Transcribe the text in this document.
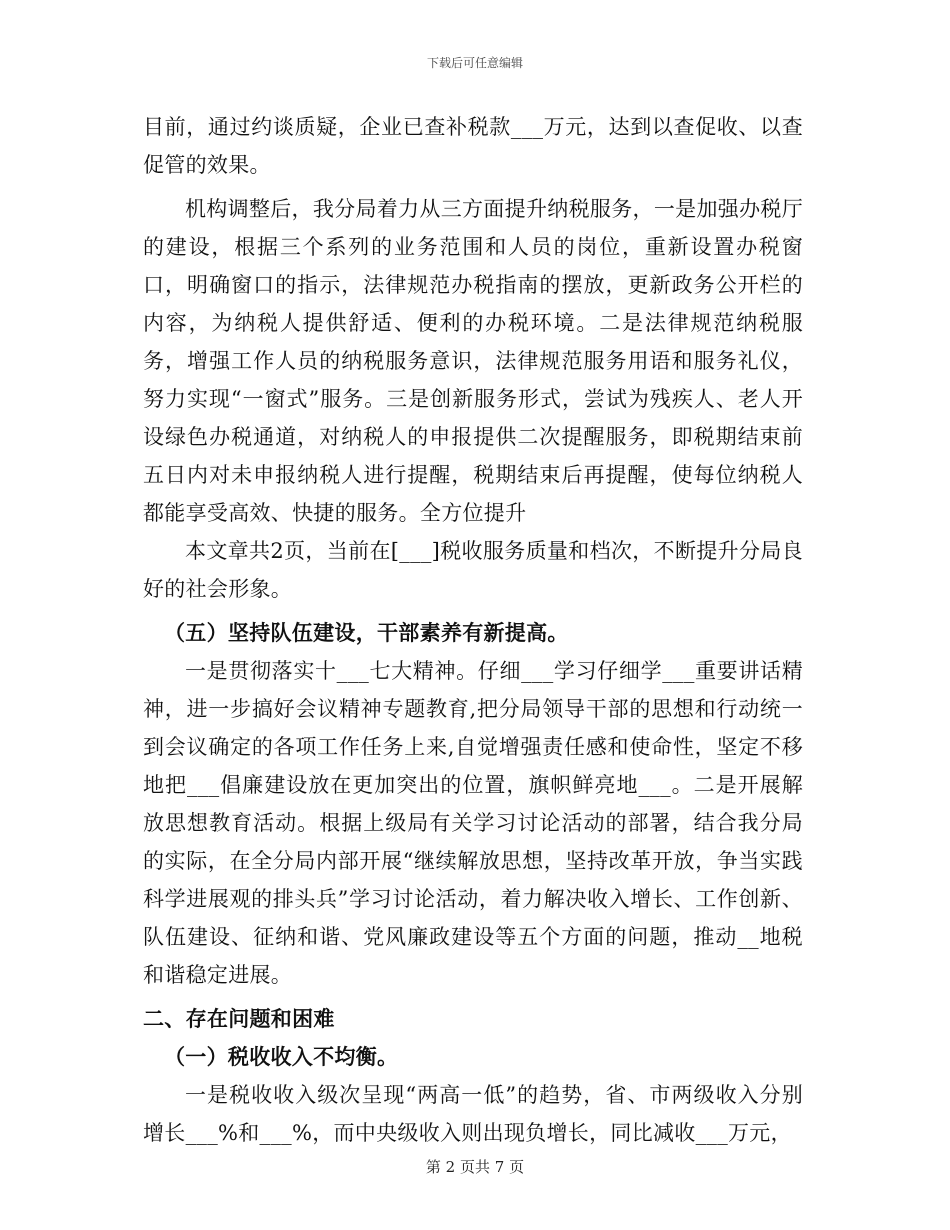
下载后可任意编辑

目前，通过约谈质疑，企业已查补税款___万元，达到以查促收、以查促管的效果。

机构调整后，我分局着力从三方面提升纳税服务，一是加强办税厅的建设，根据三个系列的业务范围和人员的岗位，重新设置办税窗口，明确窗口的指示，法律规范办税指南的摆放，更新政务公开栏的内容，为纳税人提供舒适、便利的办税环境。二是法律规范纳税服务，增强工作人员的纳税服务意识，法律规范服务用语和服务礼仪，努力实现“一窗式”服务。三是创新服务形式，尝试为残疾人、老人开设绿色办税通道，对纳税人的申报提供二次提醒服务，即税期结束前五日内对未申报纳税人进行提醒，税期结束后再提醒，使每位纳税人都能享受高效、快捷的服务。全方位提升

本文章共2页，当前在[___]税收服务质量和档次，不断提升分局良好的社会形象。

（五）坚持队伍建设，干部素养有新提高。

一是贯彻落实十___七大精神。仔细___学习仔细学___重要讲话精神，进一步搞好会议精神专题教育,把分局领导干部的思想和行动统一到会议确定的各项工作任务上来,自觉增强责任感和使命性，坚定不移地把___倡廉建设放在更加突出的位置，旗帜鲜亮地___。二是开展解放思想教育活动。根据上级局有关学习讨论活动的部署，结合我分局的实际，在全分局内部开展“继续解放思想，坚持改革开放，争当实践科学进展观的排头兵”学习讨论活动，着力解决收入增长、工作创新、队伍建设、征纳和谐、党风廉政建设等五个方面的问题，推动__地税和谐稳定进展。

二、存在问题和困难

（一）税收收入不均衡。

一是税收收入级次呈现“两高一低”的趋势，省、市两级收入分别增长___%和___%，而中央级收入则出现负增长，同比减收___万元，

第 2 页共 7 页
